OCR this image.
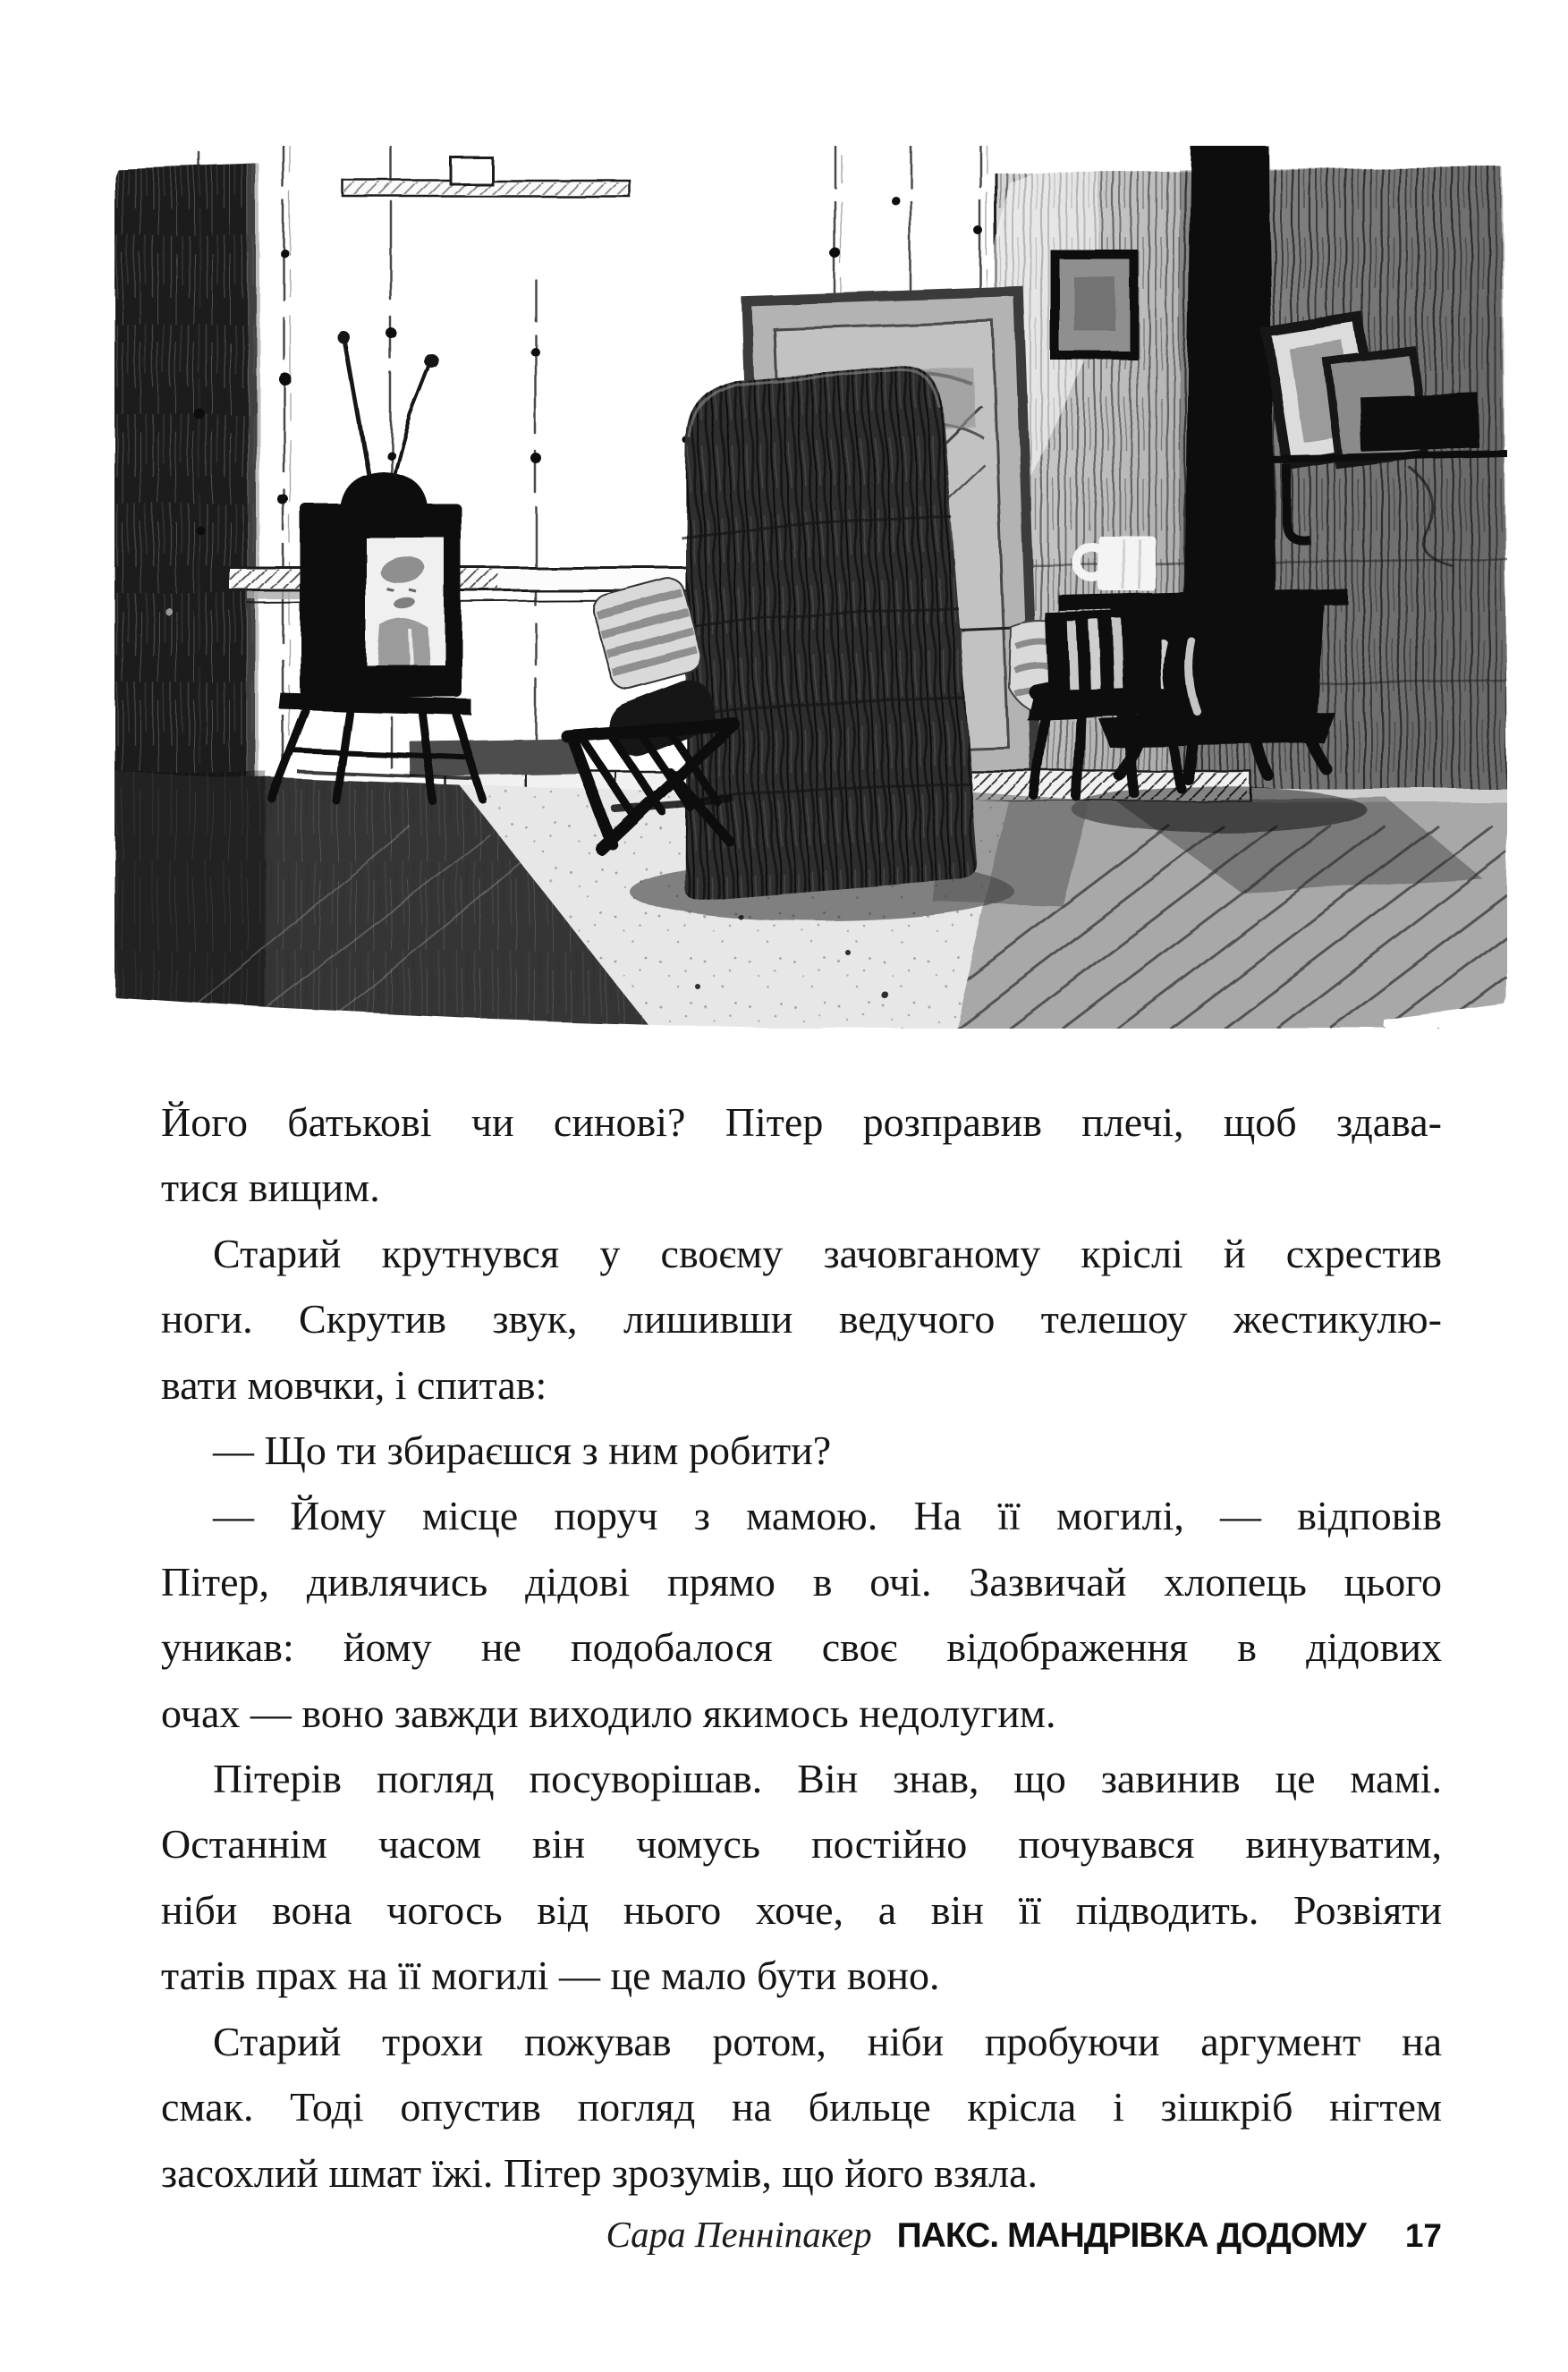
Його батькові чи синові? Пітер розправив плечі, щоб здава-
тися вищим.
Старий крутнувся у своєму зачовганому кріслі й схрестив
ноги. Скрутив звук, лишивши ведучого телешоу жестикулю-
вати мовчки, і спитав:
— Що ти збираєшся з ним робити?
— Йому місце поруч з мамою. На її могилі, — відповів
Пітер, дивлячись дідові прямо в очі. Зазвичай хлопець цього
уникав: йому не подобалося своє відображення в дідових
очах — воно завжди виходило якимось недолугим.
Пітерів погляд посуворішав. Він знав, що завинив це мамі.
Останнім часом він чомусь постійно почувався винуватим,
ніби вона чогось від нього хоче, а він її підводить. Розвіяти
татів прах на її могилі — це мало бути воно.
Старий трохи пожував ротом, ніби пробуючи аргумент на
смак. Тоді опустив погляд на бильце крісла і зішкріб нігтем
засохлий шмат їжі. Пітер зрозумів, що його взяла.
Сара Пенніпакер ПАКС. МАНДРІВКА ДОДОМУ 17
